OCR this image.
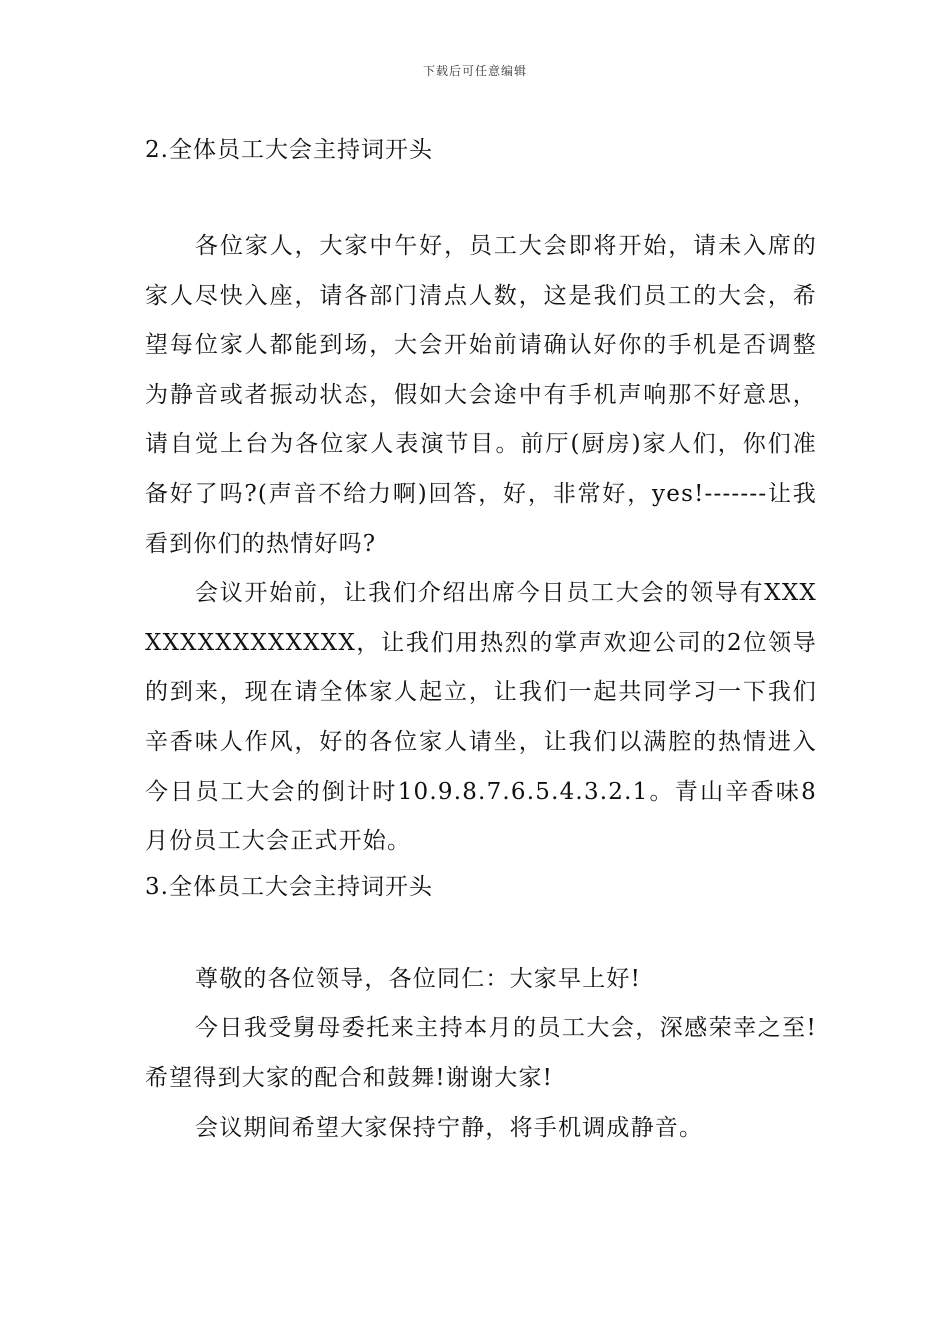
下载后可任意编辑
2.全体员工大会主持词开头

各位家人，大家中午好，员工大会即将开始，请未入席的家人尽快入座，请各部门清点人数，这是我们员工的大会，希望每位家人都能到场，大会开始前请确认好你的手机是否调整为静音或者振动状态，假如大会途中有手机声响那不好意思，请自觉上台为各位家人表演节目。前厅(厨房)家人们，你们准备好了吗?(声音不给力啊)回答，好，非常好，yes!-------让我看到你们的热情好吗?

会议开始前，让我们介绍出席今日员工大会的领导有XXXXXXXXXXXXXXX，让我们用热烈的掌声欢迎公司的2位领导的到来，现在请全体家人起立，让我们一起共同学习一下我们辛香味人作风，好的各位家人请坐，让我们以满腔的热情进入今日员工大会的倒计时10.9.8.7.6.5.4.3.2.1。青山辛香味8月份员工大会正式开始。

3.全体员工大会主持词开头

尊敬的各位领导，各位同仁：大家早上好!

今日我受舅母委托来主持本月的员工大会，深感荣幸之至!希望得到大家的配合和鼓舞!谢谢大家!

会议期间希望大家保持宁静，将手机调成静音。
